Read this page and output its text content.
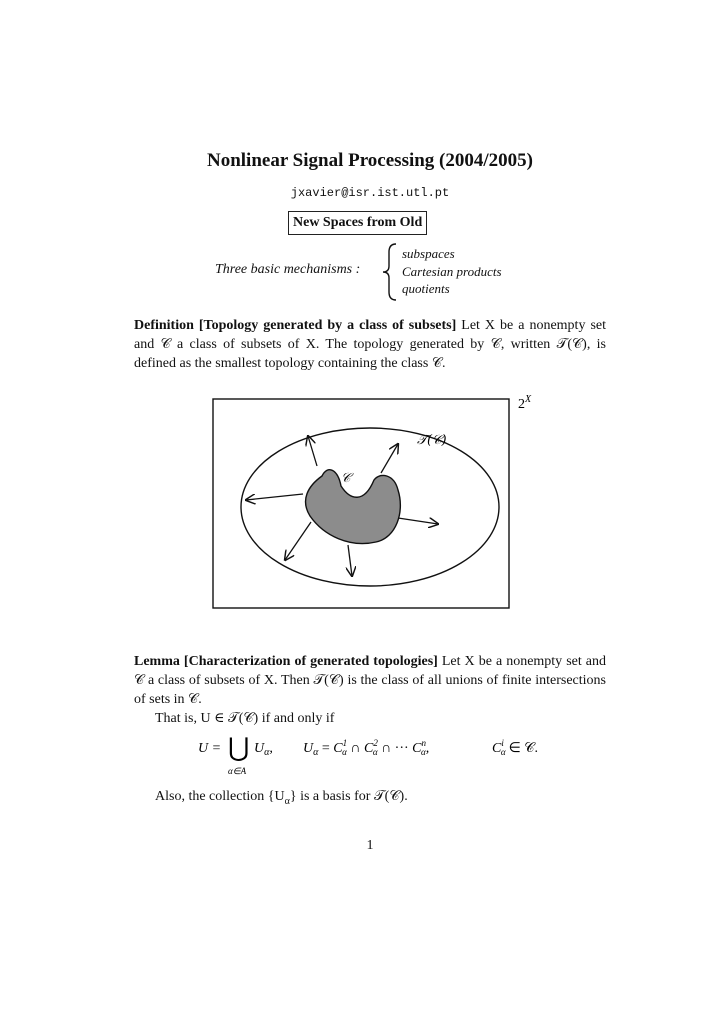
Nonlinear Signal Processing (2004/2005)
jxavier@isr.ist.utl.pt
New Spaces from Old
Three basic mechanisms :
subspaces
Cartesian products
quotients
Definition [Topology generated by a class of subsets] Let X be a nonempty set and 𝒞 a class of subsets of X. The topology generated by 𝒞, written 𝒯(𝒞), is defined as the smallest topology containing the class 𝒞.
$2^X$
𝒯(𝒞)
𝒞
Lemma [Characterization of generated topologies] Let X be a nonempty set and 𝒞 a class of subsets of X. Then 𝒯(𝒞) is the class of all unions of finite intersections of sets in 𝒞.
That is, U ∈ 𝒯(𝒞) if and only if
U = ⋃
α∈A
$U_\alpha$, $U_\alpha = C^1$ α ∩ $C^2$ α ∩ ··· $C^n$ α,	$C^i$ α ∈ 𝒞.
Also, the collection $\{U_\alpha\}$ is a basis for 𝒯(𝒞).
1
